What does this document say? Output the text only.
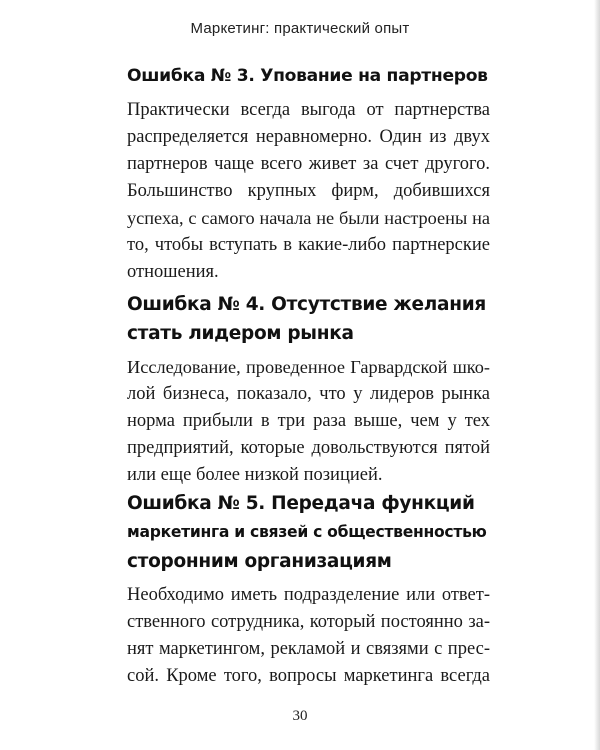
Маркетинг: практический опыт
Ошибка № 3. Упование на партнеров

Практически всегда выгода от партнерства
распределяется неравномерно. Один из двух
партнеров чаще всего живет за счет другого.
Большинство крупных фирм, добившихся
успеха, с самого начала не были настроены на
то, чтобы вступать в какие-либо партнерские
отношения.

Ошибка № 4. Отсутствие желания
стать лидером рынка

Исследование, проведенное Гарвардской шко-
лой бизнеса, показало, что у лидеров рынка
норма прибыли в три раза выше, чем у тех
предприятий, которые довольствуются пятой
или еще более низкой позицией.

Ошибка № 5. Передача функций
маркетинга и связей с общественностью
сторонним организациям

Необходимо иметь подразделение или ответ-
ственного сотрудника, который постоянно за-
нят маркетингом, рекламой и связями с прес-
сой. Кроме того, вопросы маркетинга всегда

30
